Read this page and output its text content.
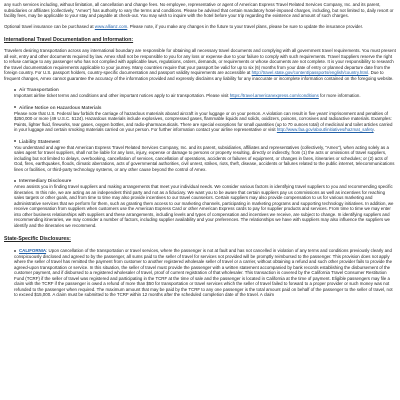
any such services including, without limitation, all cancellation and change fees. No employee, representative or agent of American Express Travel Related Services Company, Inc. and its parent, subsidiaries or affiliates (collectively, "Amex") has authority to vary the terms and conditions. Please be advised that certain mandatory hotel-imposed charges, including, but not limited to, daily resort or facility fees, may be applicable to your stay and payable at check-out. You may wish to inquire with the hotel before your trip regarding the existence and amount of such charges.

Optional travel insurance can be purchased at www.allianz.com. Please note, if you make any changes in the future to your travel plans, please be sure to update the insurance provider.

International Travel Documentation and Information:

Travelers desiring transportation across any international boundary are responsible for obtaining all necessary travel documents and complying with all government travel requirements. You must present all exit, entry and other documents required by law. Amex shall not be responsible to you for any loss or expense due to your failure to comply with such requirements. Travel Suppliers reserve the right to refuse carriage to any passenger who has not complied with applicable laws, regulations, orders, demands, or requirements or whose documents are not complete. It is your responsibility to research the travel documentation requirements applicable to your journey. Many countries require that your passport be valid for up to six (6) months from your date of entry or planned departure date from the foreign country. For U.S. passport holders, country-specific documentation and passport validity requirements are accessible at http://travel.state.gov/content/passports/english/country.html. Due to frequent changes, Amex cannot guarantee the accuracy of the information provided and expressly disclaims any liability for any inaccurate or incomplete information contained on the foregoing website.

Air Transportation

Important airline ticket terms and conditions and other important notices apply to air transportation. Please visit https://travel.americanexpress.com/conditions for more information.

Airline Notice on Hazardous Materials

Please note that U.S. Federal law forbids the carriage of hazardous materials aboard aircraft in your luggage or on your person. A violation can result in five years' imprisonment and penalties of $250,000 or more (49 U.S.C. 5124). Hazardous materials include explosives, compressed gases, flammable liquids and solids, oxidizers, poisons, corrosives and radioactive materials. Examples: Paints, lighter fluid, fireworks, tear gases, oxygen bottles, and radio-pharmaceuticals. There are special exceptions for small quantities (up to 70 ounces total) of medicinal and toilet articles carried in your luggage and certain smoking materials carried on your person. For further information contact your airline representative or visit http://www.faa.gov/about/initiatives/hazmat_safety.

Liability Statement

You understand and agree that American Express Travel Related Services Company, Inc. and its parent, subsidiaries, affiliates and representatives (collectively, "Amex"), when acting solely as a sales agent for travel suppliers, shall not be liable for any loss, injury, expense or damage to persons or property resulting, directly or indirectly, from (1) the acts or omissions of travel suppliers, including but not limited to delays, overbooking, cancellation of services, cancellation of operations, accidents or failures of equipment, or changes in fares, itineraries or schedules; or (2) acts of God, fires, earthquakes, floods, climatic aberrations, acts of governmental authorities, civil unrest, strikes, riots, theft, disease, accidents or failures related to the public internet, telecommunications lines or facilities, or third-party technology systems, or any other cause beyond the control of Amex.

Intermediary Disclosure

Amex assists you in finding travel suppliers and making arrangements that meet your individual needs. We consider various factors in identifying travel suppliers to you and recommending specific itineraries. In this role, we are acting as an independent third party and not as a fiduciary. We want you to be aware that certain suppliers pay us commissions as well as incentives for reaching sales targets or other goals, and from time to time may also provide incentives to our travel counselors. Certain suppliers may also provide compensation to us for various marketing and administrative services that we perform for them, such as granting them access to our marketing channels, participating in marketing programs and supporting technology initiatives. In addition, we receive compensation from suppliers when customers use the American Express Card or other American Express cards to pay for supplier products and services. From time to time we may enter into other business relationships with suppliers and these arrangements, including levels and types of compensation and incentives we receive, are subject to change. In identifying suppliers and recommending itineraries, we may consider a number of factors, including supplier availability and your preferences. The relationships we have with suppliers may also influence the suppliers we identify and the itineraries we recommend.

State-Specific Disclosures:

CALIFORNIA: Upon cancellation of the transportation or travel services, where the passenger is not at fault and has not cancelled in violation of any terms and conditions previously clearly and conspicuously disclosed and agreed to by the passenger, all sums paid to the seller of travel for services not provided will be promptly reimbursed to the passenger. This provision does not apply where the seller of travel has remitted the payment from customer to another registered wholesale seller of travel or a carrier, without obtaining a refund and such other provider fails to provide the agreed-upon transportation or service. In this situation, the seller of travel must provide the passenger with a written statement accompanied by bank records establishing the disbursement of the customer payment, and if disbursed to a registered wholesaler of travel, proof of current registration of that wholesaler. This transaction is covered by the California Travel Consumer Restitution Fund (TCRF) if the seller of travel was registered and participating in the TCRF at the time of sale and the passenger is located in California at the time of payment. Eligible passengers may file a claim with the TCRF if the passenger is owed a refund of more than $50 for transportation or travel services which the seller of travel failed to forward to a proper provider or such money was not refunded to the passenger when required. The maximum amount that may be paid by the TCRF to any one passenger is the total amount paid on behalf of the passenger to the seller of travel, not to exceed $15,000. A claim must be submitted to the TCRF within 12 months after the scheduled completion date of the travel. A claim
